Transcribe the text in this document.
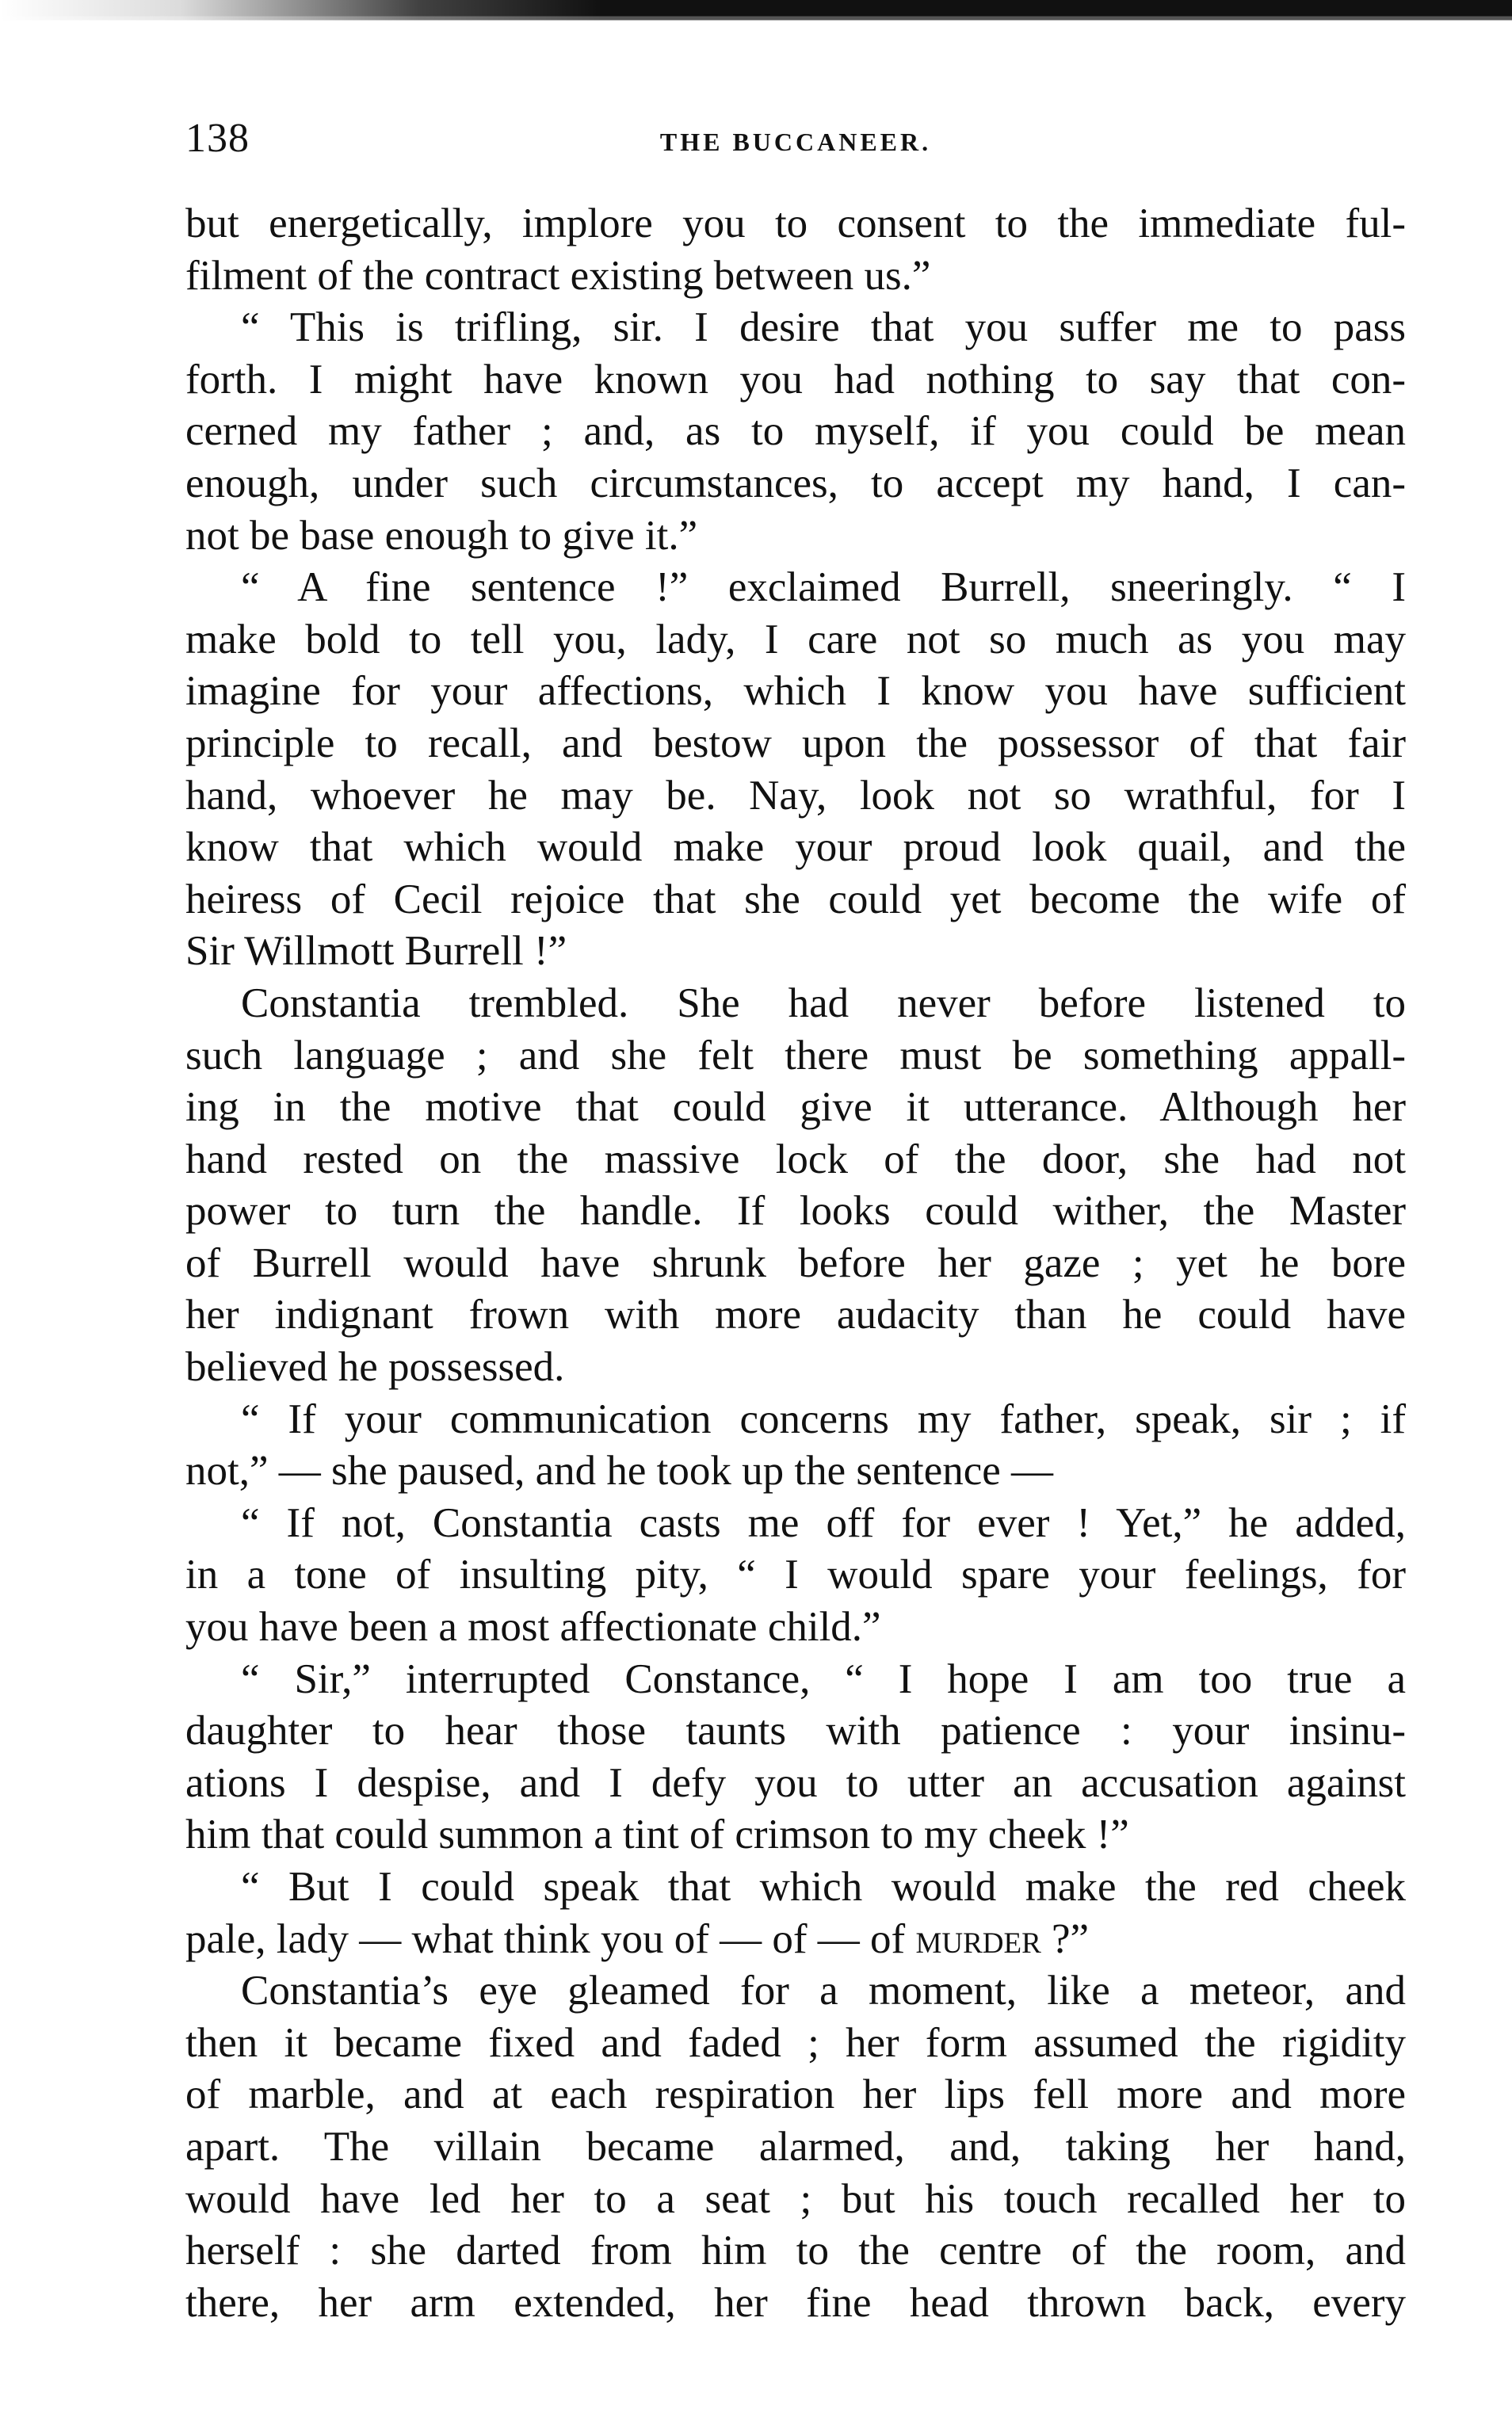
138	THE BUCCANEER.
but energetically, implore you to consent to the immediate ful-
filment of the contract existing between us.”
“ This is trifling, sir. I desire that you suffer me to pass
forth. I might have known you had nothing to say that con-
cerned my father ; and, as to myself, if you could be mean
enough, under such circumstances, to accept my hand, I can-
not be base enough to give it.”
“ A fine sentence !” exclaimed Burrell, sneeringly. “ I
make bold to tell you, lady, I care not so much as you may
imagine for your affections, which I know you have sufficient
principle to recall, and bestow upon the possessor of that fair
hand, whoever he may be. Nay, look not so wrathful, for I
know that which would make your proud look quail, and the
heiress of Cecil rejoice that she could yet become the wife of
Sir Willmott Burrell !”
Constantia trembled. She had never before listened to
such language ; and she felt there must be something appall-
ing in the motive that could give it utterance. Although her
hand rested on the massive lock of the door, she had not
power to turn the handle. If looks could wither, the Master
of Burrell would have shrunk before her gaze ; yet he bore
her indignant frown with more audacity than he could have
believed he possessed.
“ If your communication concerns my father, speak, sir ; if
not,” — she paused, and he took up the sentence —
“ If not, Constantia casts me off for ever ! Yet,” he added,
in a tone of insulting pity, “ I would spare your feelings, for
you have been a most affectionate child.”
“ Sir,” interrupted Constance, “ I hope I am too true a
daughter to hear those taunts with patience : your insinu-
ations I despise, and I defy you to utter an accusation against
him that could summon a tint of crimson to my cheek !”
“ But I could speak that which would make the red cheek
pale, lady — what think you of — of — of murder ?”
Constantia’s eye gleamed for a moment, like a meteor, and
then it became fixed and faded ; her form assumed the rigidity
of marble, and at each respiration her lips fell more and more
apart. The villain became alarmed, and, taking her hand,
would have led her to a seat ; but his touch recalled her to
herself : she darted from him to the centre of the room, and
there, her arm extended, her fine head thrown back, every
